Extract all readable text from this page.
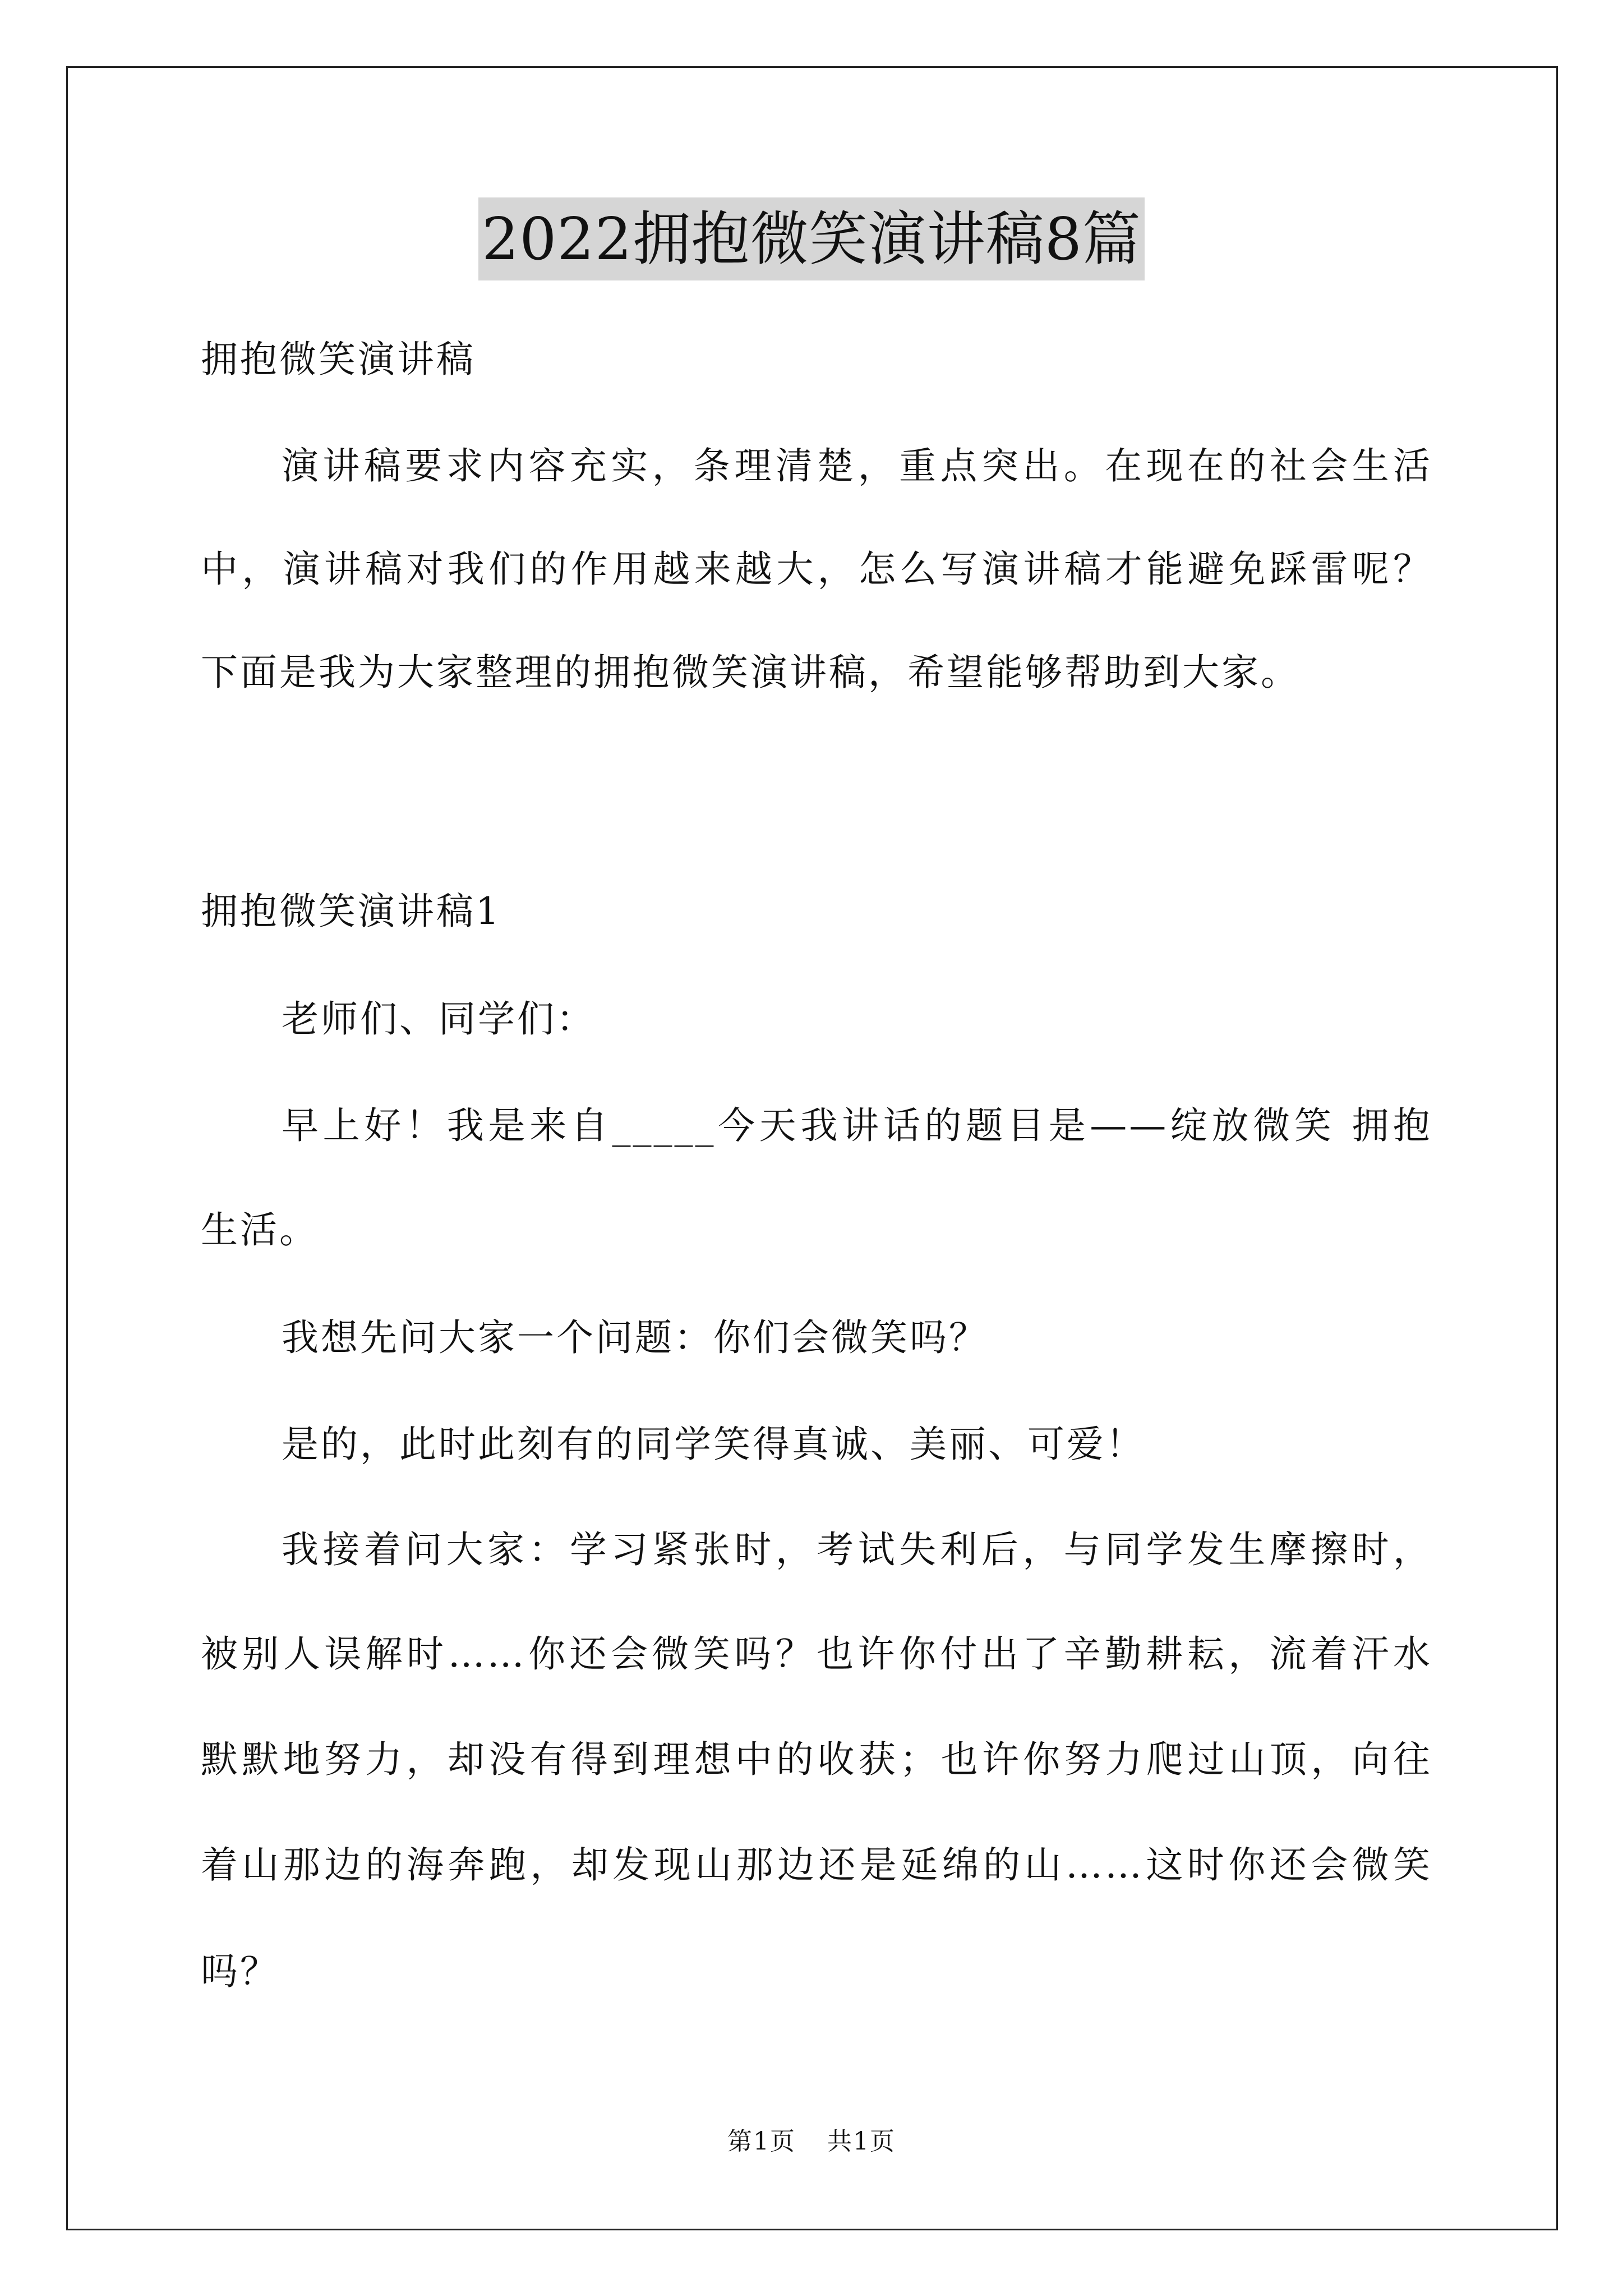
2022拥抱微笑演讲稿8篇
拥抱微笑演讲稿
演讲稿要求内容充实，条理清楚，重点突出。在现在的社会生活
中，演讲稿对我们的作用越来越大，怎么写演讲稿才能避免踩雷呢？
下面是我为大家整理的拥抱微笑演讲稿，希望能够帮助到大家。
拥抱微笑演讲稿1
老师们、同学们：
早上好！我是来自_____今天我讲话的题目是——绽放微笑 拥抱
生活。
我想先问大家一个问题：你们会微笑吗？
是的，此时此刻有的同学笑得真诚、美丽、可爱！
我接着问大家：学习紧张时，考试失利后，与同学发生摩擦时，
被别人误解时……你还会微笑吗？也许你付出了辛勤耕耘，流着汗水
默默地努力，却没有得到理想中的收获；也许你努力爬过山顶，向往
着山那边的海奔跑，却发现山那边还是延绵的山……这时你还会微笑
吗？
第1页 共1页
